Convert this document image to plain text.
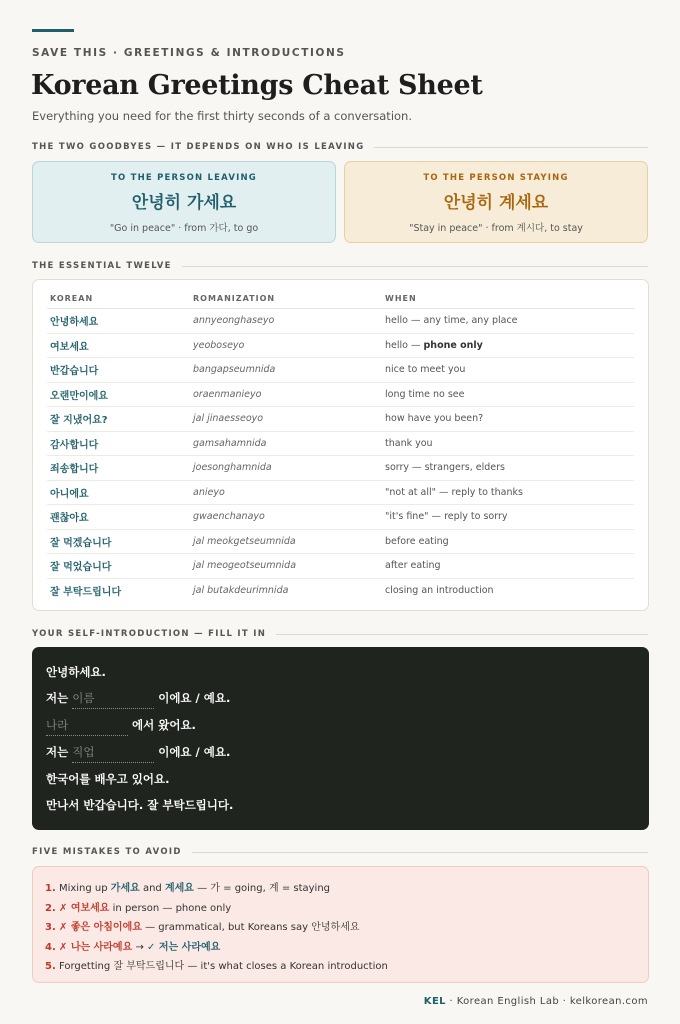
SAVE THIS · GREETINGS & INTRODUCTIONS
Korean Greetings Cheat Sheet
Everything you need for the first thirty seconds of a conversation.
THE TWO GOODBYES — IT DEPENDS ON WHO IS LEAVING
TO THE PERSON LEAVING
안녕히 가세요
"Go in peace" · from 가다, to go
TO THE PERSON STAYING
안녕히 계세요
"Stay in peace" · from 계시다, to stay
THE ESSENTIAL TWELVE
KOREAN	ROMANIZATION	WHEN
안녕하세요	annyeonghaseyo	hello — any time, any place
여보세요	yeoboseyo	hello — phone only
반갑습니다	bangapseumnida	nice to meet you
오랜만이에요	oraenmanieyo	long time no see
잘 지냈어요?	jal jinaesseoyo	how have you been?
감사합니다	gamsahamnida	thank you
죄송합니다	joesonghamnida	sorry — strangers, elders
아니에요	anieyo	"not at all" — reply to thanks
괜찮아요	gwaenchanayo	"it's fine" — reply to sorry
잘 먹겠습니다	jal meokgetseumnida	before eating
잘 먹었습니다	jal meogeotseumnida	after eating
잘 부탁드립니다	jal butakdeurimnida	closing an introduction
YOUR SELF-INTRODUCTION — FILL IT IN
안녕하세요.
저는 이름	이에요 / 예요.
나라	에서 왔어요.
저는 직업	이에요 / 예요.
한국어를 배우고 있어요.
만나서 반갑습니다. 잘 부탁드립니다.
FIVE MISTAKES TO AVOID
1. Mixing up 가세요 and 계세요 — 가 = going, 계 = staying
2. ✗ 여보세요 in person — phone only
3. ✗ 좋은 아침이에요 — grammatical, but Koreans say 안녕하세요
4. ✗ 나는 사라예요 → ✓ 저는 사라예요
5. Forgetting 잘 부탁드립니다 — it's what closes a Korean introduction
KEL · Korean English Lab · kelkorean.com
